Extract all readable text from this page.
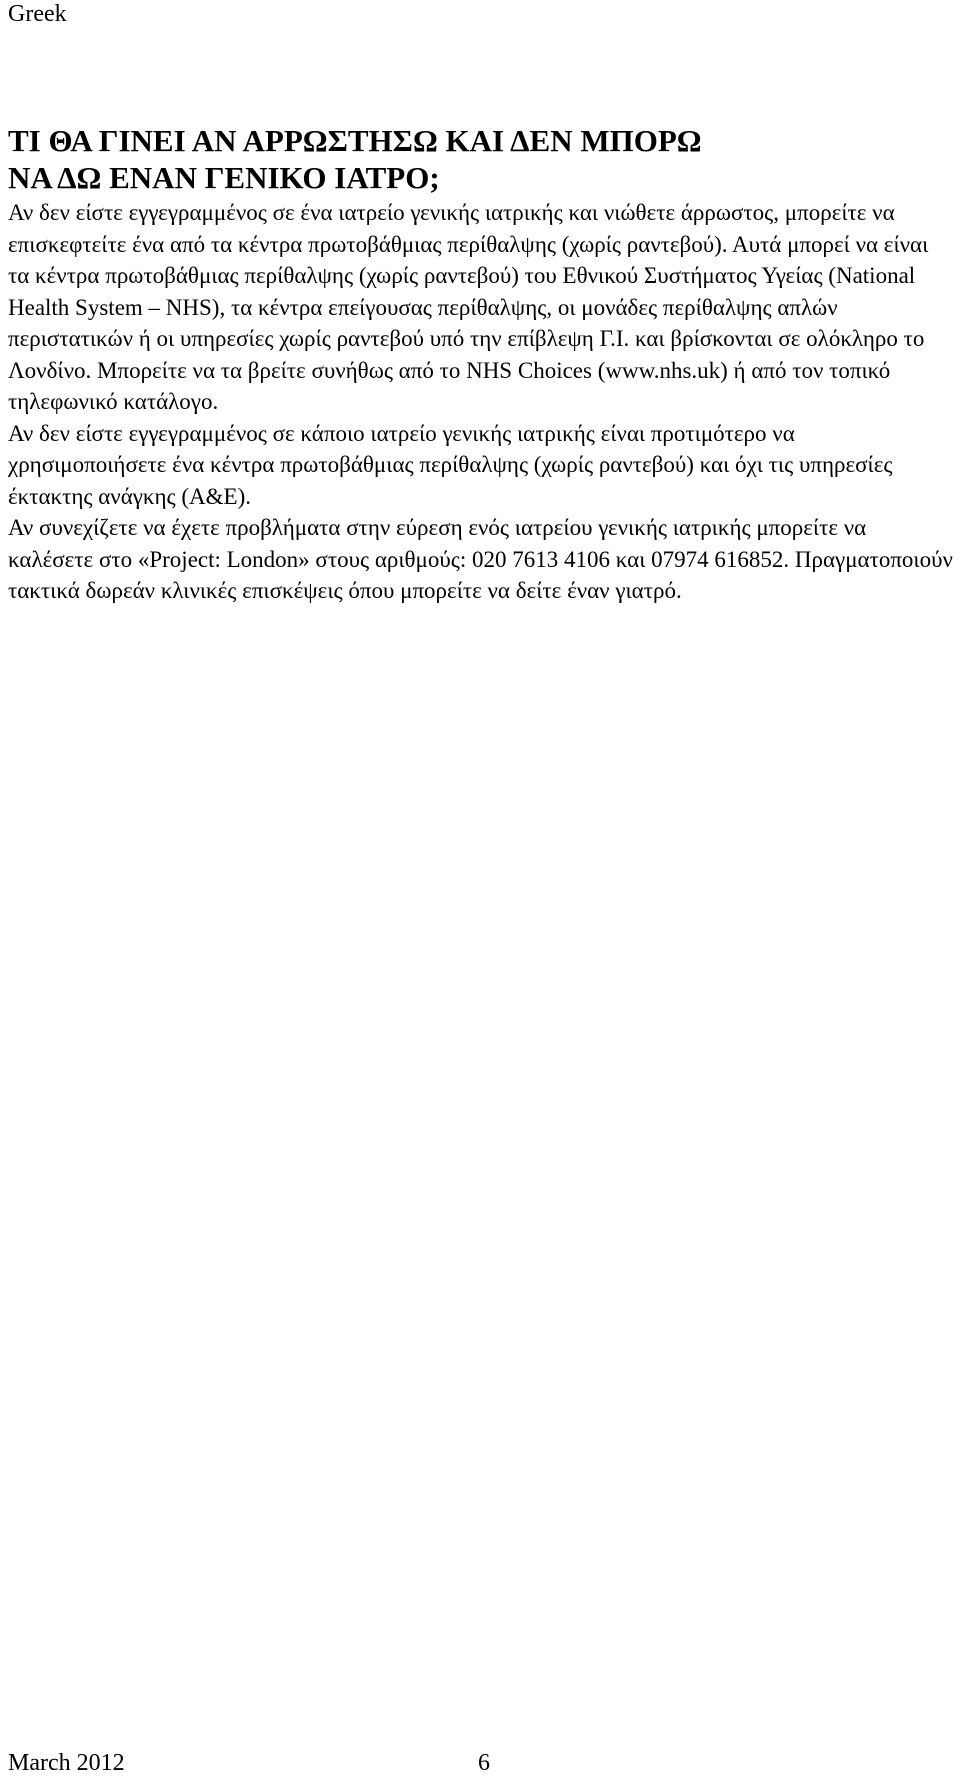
Greek
ΤΙ ΘΑ ΓΙΝΕΙ ΑΝ ΑΡΡΩΣΤΗΣΩ ΚΑΙ ΔΕΝ ΜΠΟΡΩ
ΝΑ ΔΩ ΕΝΑΝ ΓΕΝΙΚΟ ΙΑΤΡΟ;

Αν δεν είστε εγγεγραμμένος σε ένα ιατρείο γενικής ιατρικής και νιώθετε άρρωστος, μπορείτε να επισκεφτείτε ένα από τα κέντρα πρωτοβάθμιας περίθαλψης (χωρίς ραντεβού). Αυτά μπορεί να είναι τα κέντρα πρωτοβάθμιας περίθαλψης (χωρίς ραντεβού) του Εθνικού Συστήματος Υγείας (National Health System – NHS), τα κέντρα επείγουσας περίθαλψης, οι μονάδες περίθαλψης απλών περιστατικών ή οι υπηρεσίες χωρίς ραντεβού υπό την επίβλεψη Γ.Ι. και βρίσκονται σε ολόκληρο το Λονδίνο. Μπορείτε να τα βρείτε συνήθως από το NHS Choices (www.nhs.uk) ή από τον τοπικό τηλεφωνικό κατάλογο.

Αν δεν είστε εγγεγραμμένος σε κάποιο ιατρείο γενικής ιατρικής είναι προτιμότερο να χρησιμοποιήσετε ένα κέντρα πρωτοβάθμιας περίθαλψης (χωρίς ραντεβού) και όχι τις υπηρεσίες έκτακτης ανάγκης (A&E).

Αν συνεχίζετε να έχετε προβλήματα στην εύρεση ενός ιατρείου γενικής ιατρικής μπορείτε να καλέσετε στο «Project: London» στους αριθμούς: 020 7613 4106 και 07974 616852. Πραγματοποιούν τακτικά δωρεάν κλινικές επισκέψεις όπου μπορείτε να δείτε έναν γιατρό.

March 2012	6
